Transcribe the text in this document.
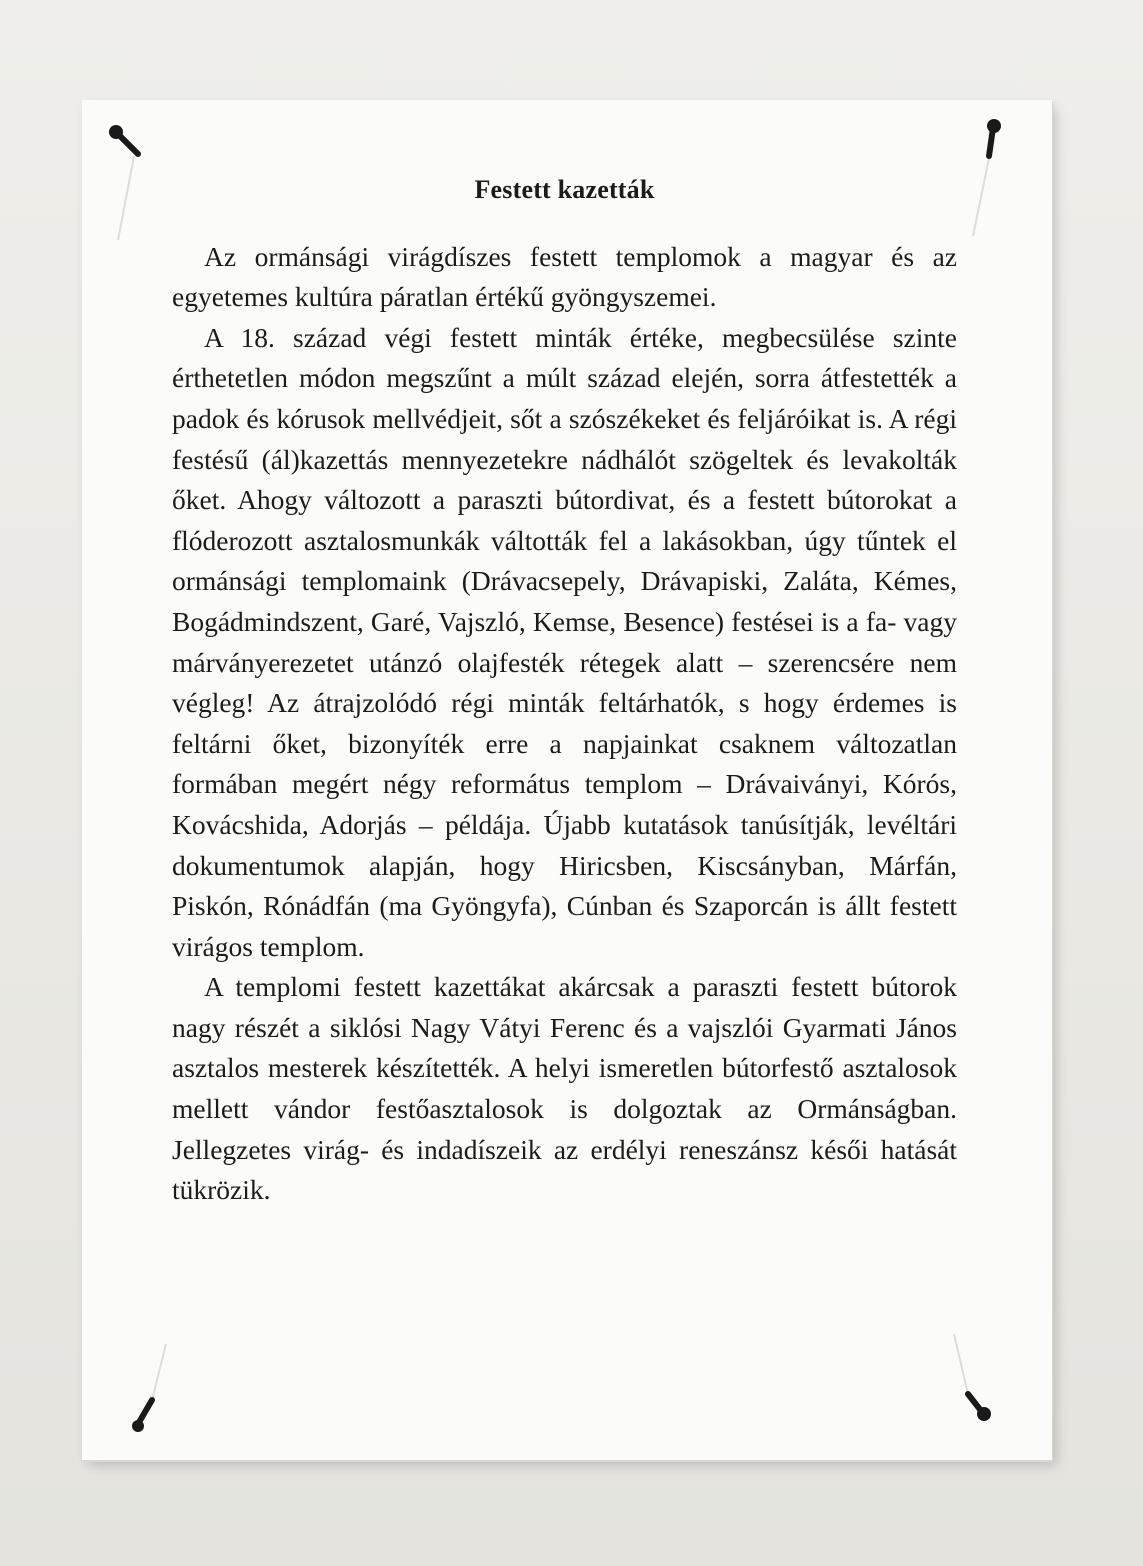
Festett kazetták

Az ormánsági virágdíszes festett templomok a magyar és az egyetemes kultúra páratlan értékű gyöngyszemei.

A 18. század végi festett minták értéke, megbecsülése szinte érthetetlen módon megszűnt a múlt század elején, sorra átfestették a padok és kórusok mellvédjeit, sőt a szószékeket és feljáróikat is. A régi festésű (ál)kazettás mennyezetekre nádhálót szögeltek és levakolták őket. Ahogy változott a paraszti bútordivat, és a festett bútorokat a flóderozott asztalosmunkák váltották fel a lakásokban, úgy tűntek el ormánsági templomaink (Drávacsepely, Drávapiski, Zaláta, Kémes, Bogádmindszent, Garé, Vajszló, Kemse, Besence) festései is a fa- vagy márványerezetet utánzó olajfesték rétegek alatt – szerencsére nem végleg! Az átrajzolódó régi minták feltárhatók, s hogy érdemes is feltárni őket, bizonyíték erre a napjainkat csaknem változatlan formában megért négy református templom – Drávaiványi, Kórós, Kovácshida, Adorjás – példája. Újabb kutatások tanúsítják, levéltári dokumentumok alapján, hogy Hiricsben, Kiscsányban, Márfán, Piskón, Rónádfán (ma Gyöngyfa), Cúnban és Szaporcán is állt festett virágos templom.

A templomi festett kazettákat akárcsak a paraszti festett bútorok nagy részét a siklósi Nagy Vátyi Ferenc és a vajszlói Gyarmati János asztalos mesterek készítették. A helyi ismeretlen bútorfestő asztalosok mellett vándor festőasztalosok is dolgoztak az Ormánságban. Jellegzetes virág- és indadíszeik az erdélyi reneszánsz késői hatását tükrözik.
